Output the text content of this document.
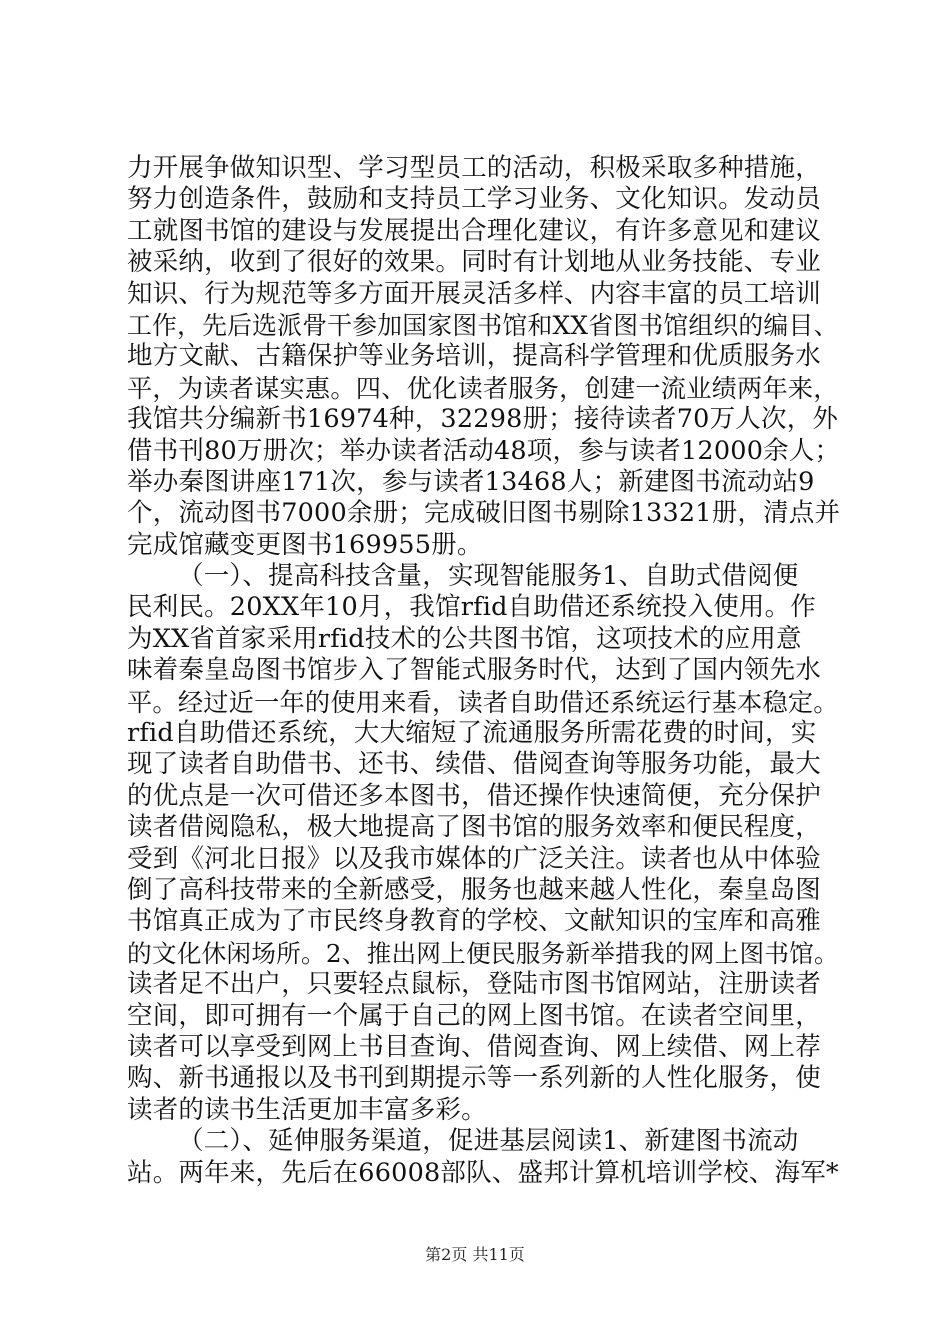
力开展争做知识型、学习型员工的活动，积极采取多种措施，
努力创造条件，鼓励和支持员工学习业务、文化知识。发动员
工就图书馆的建设与发展提出合理化建议，有许多意见和建议
被采纳，收到了很好的效果。同时有计划地从业务技能、专业
知识、行为规范等多方面开展灵活多样、内容丰富的员工培训
工作，先后选派骨干参加国家图书馆和XX省图书馆组织的编目、
地方文献、古籍保护等业务培训，提高科学管理和优质服务水
平，为读者谋实惠。四、优化读者服务，创建一流业绩两年来，
我馆共分编新书16974种，32298册；接待读者70万人次，外
借书刊80万册次；举办读者活动48项，参与读者12000余人；
举办秦图讲座171次，参与读者13468人；新建图书流动站9
个，流动图书7000余册；完成破旧图书剔除13321册，清点并
完成馆藏变更图书169955册。
（一）、提高科技含量，实现智能服务1、自助式借阅便
民利民。20XX年10月，我馆rfid自助借还系统投入使用。作
为XX省首家采用rfid技术的公共图书馆，这项技术的应用意
味着秦皇岛图书馆步入了智能式服务时代，达到了国内领先水
平。经过近一年的使用来看，读者自助借还系统运行基本稳定。
rfid自助借还系统，大大缩短了流通服务所需花费的时间，实
现了读者自助借书、还书、续借、借阅查询等服务功能，最大
的优点是一次可借还多本图书，借还操作快速简便，充分保护
读者借阅隐私，极大地提高了图书馆的服务效率和便民程度，
受到《河北日报》以及我市媒体的广泛关注。读者也从中体验
倒了高科技带来的全新感受，服务也越来越人性化，秦皇岛图
书馆真正成为了市民终身教育的学校、文献知识的宝库和高雅
的文化休闲场所。2、推出网上便民服务新举措我的网上图书馆。
读者足不出户，只要轻点鼠标，登陆市图书馆网站，注册读者
空间，即可拥有一个属于自己的网上图书馆。在读者空间里，
读者可以享受到网上书目查询、借阅查询、网上续借、网上荐
购、新书通报以及书刊到期提示等一系列新的人性化服务，使
读者的读书生活更加丰富多彩。
（二）、延伸服务渠道，促进基层阅读1、新建图书流动
站。两年来，先后在66008部队、盛邦计算机培训学校、海军*
第2页 共11页
